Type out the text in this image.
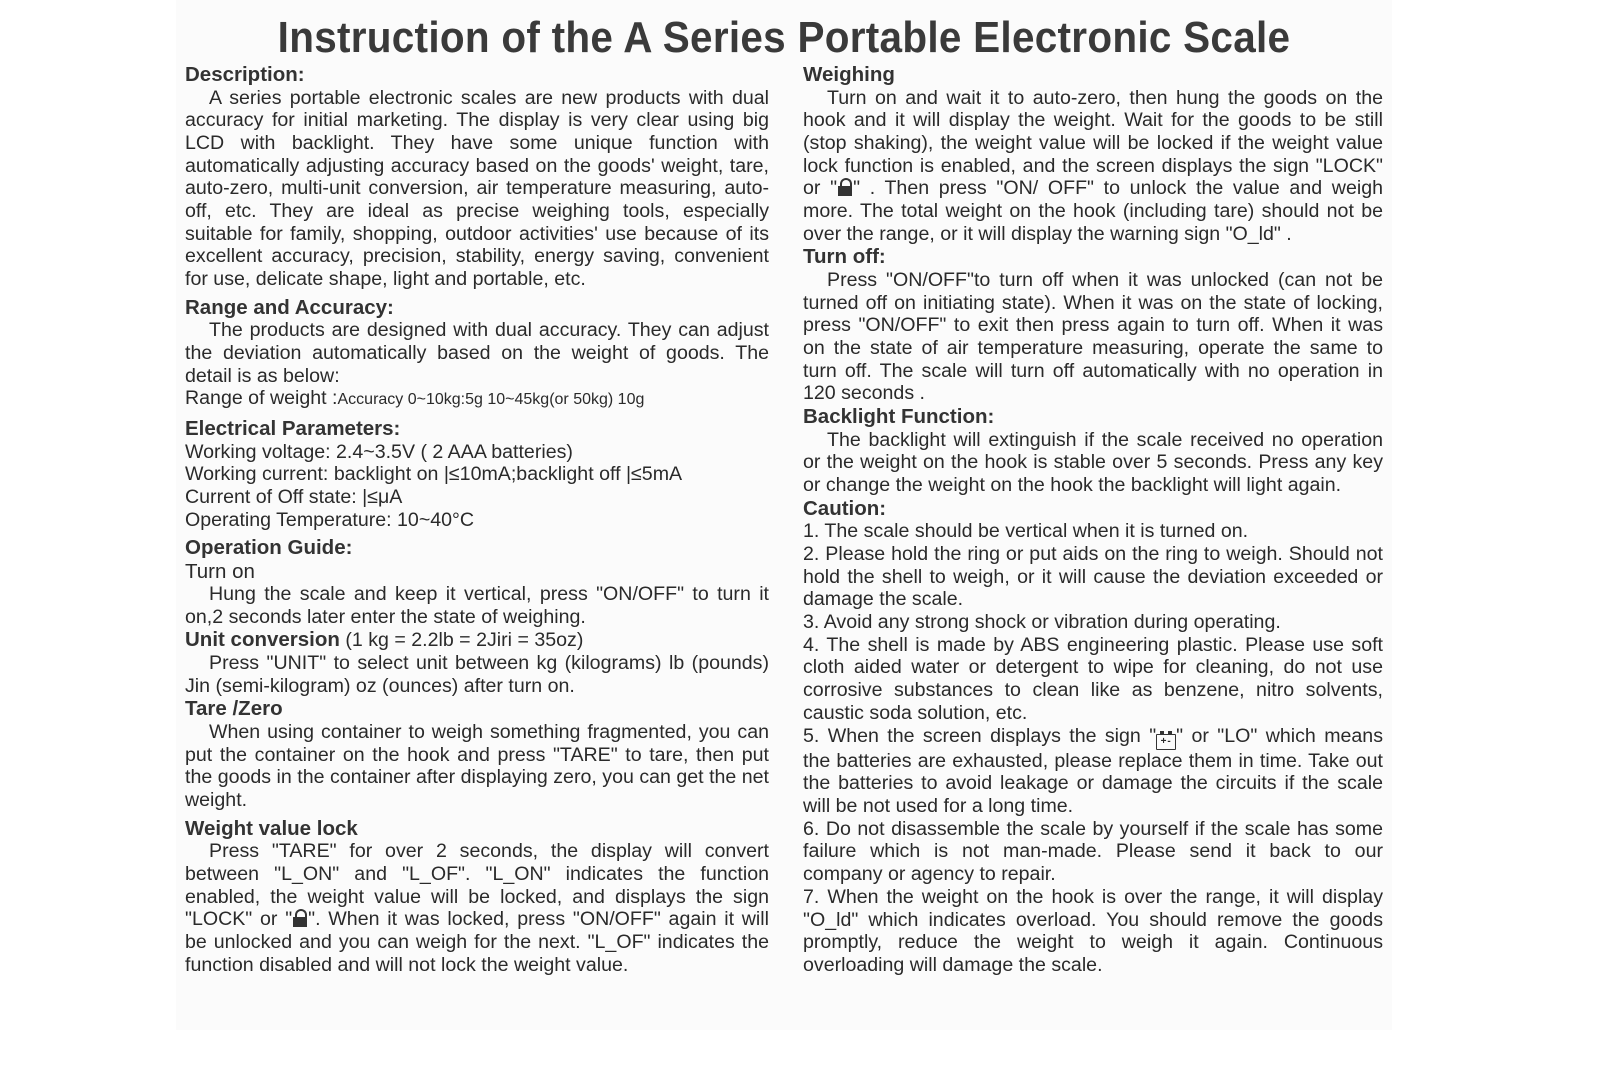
Instruction of the A Series Portable Electronic Scale

Description:

A series portable electronic scales are new products with dual accuracy for initial marketing. The display is very clear using big LCD with backlight. They have some unique function with automatically adjusting accuracy based on the goods' weight, tare, auto-zero, multi-unit conversion, air temperature measuring, auto-off, etc. They are ideal as precise weighing tools, especially suitable for family, shopping, outdoor activities' use because of its excellent accuracy, precision, stability, energy saving, convenient for use, delicate shape, light and portable, etc.

Range and Accuracy:

The products are designed with dual accuracy. They can adjust the deviation automatically based on the weight of goods. The detail is as below:

Range of weight :Accuracy 0~10kg:5g 10~45kg(or 50kg) 10g

Electrical Parameters:

Working voltage: 2.4~3.5V ( 2 AAA batteries)

Working current: backlight on |≤10mA;backlight off |≤5mA

Current of Off state: |≤μA

Operating Temperature: 10~40°C

Operation Guide:

Turn on

Hung the scale and keep it vertical, press "ON/OFF" to turn it on,2 seconds later enter the state of weighing.

Unit conversion (1 kg = 2.2lb = 2Jiri = 35oz)

Press "UNIT" to select unit between kg (kilograms) lb (pounds) Jin (semi-kilogram) oz (ounces) after turn on.

Tare /Zero

When using container to weigh something fragmented, you can put the container on the hook and press "TARE" to tare, then put the goods in the container after displaying zero, you can get the net weight.

Weight value lock

Press "TARE" for over 2 seconds, the display will convert between "L_ON" and "L_OF". "L_ON" indicates the function enabled, the weight value will be locked, and displays the sign "LOCK" or " ". When it was locked, press "ON/OFF" again it will be unlocked and you can weigh for the next. "L_OF" indicates the function disabled and will not lock the weight value.

Weighing

Turn on and wait it to auto-zero, then hung the goods on the hook and it will display the weight. Wait for the goods to be still (stop shaking), the weight value will be locked if the weight value lock function is enabled, and the screen displays the sign "LOCK" or " " . Then press "ON/ OFF" to unlock the value and weigh more. The total weight on the hook (including tare) should not be over the range, or it will display the warning sign "O_ld" .

Turn off:

Press "ON/OFF"to turn off when it was unlocked (can not be turned off on initiating state). When it was on the state of locking, press "ON/OFF" to exit then press again to turn off. When it was on the state of air temperature measuring, operate the same to turn off. The scale will turn off automatically with no operation in 120 seconds .

Backlight Function:

The backlight will extinguish if the scale received no operation or the weight on the hook is stable over 5 seconds. Press any key or change the weight on the hook the backlight will light again.

Caution:

1. The scale should be vertical when it is turned on.

2. Please hold the ring or put aids on the ring to weigh. Should not hold the shell to weigh, or it will cause the deviation exceeded or damage the scale.

3. Avoid any strong shock or vibration during operating.

4. The shell is made by ABS engineering plastic. Please use soft cloth aided water or detergent to wipe for cleaning, do not use corrosive substances to clean like as benzene, nitro solvents, caustic soda solution, etc.

5. When the screen displays the sign " +- " or "LO" which means the batteries are exhausted, please replace them in time. Take out the batteries to avoid leakage or damage the circuits if the scale will be not used for a long time.

6. Do not disassemble the scale by yourself if the scale has some failure which is not man-made. Please send it back to our company or agency to repair.

7. When the weight on the hook is over the range, it will display "O_ld" which indicates overload. You should remove the goods promptly, reduce the weight to weigh it again. Continuous overloading will damage the scale.
